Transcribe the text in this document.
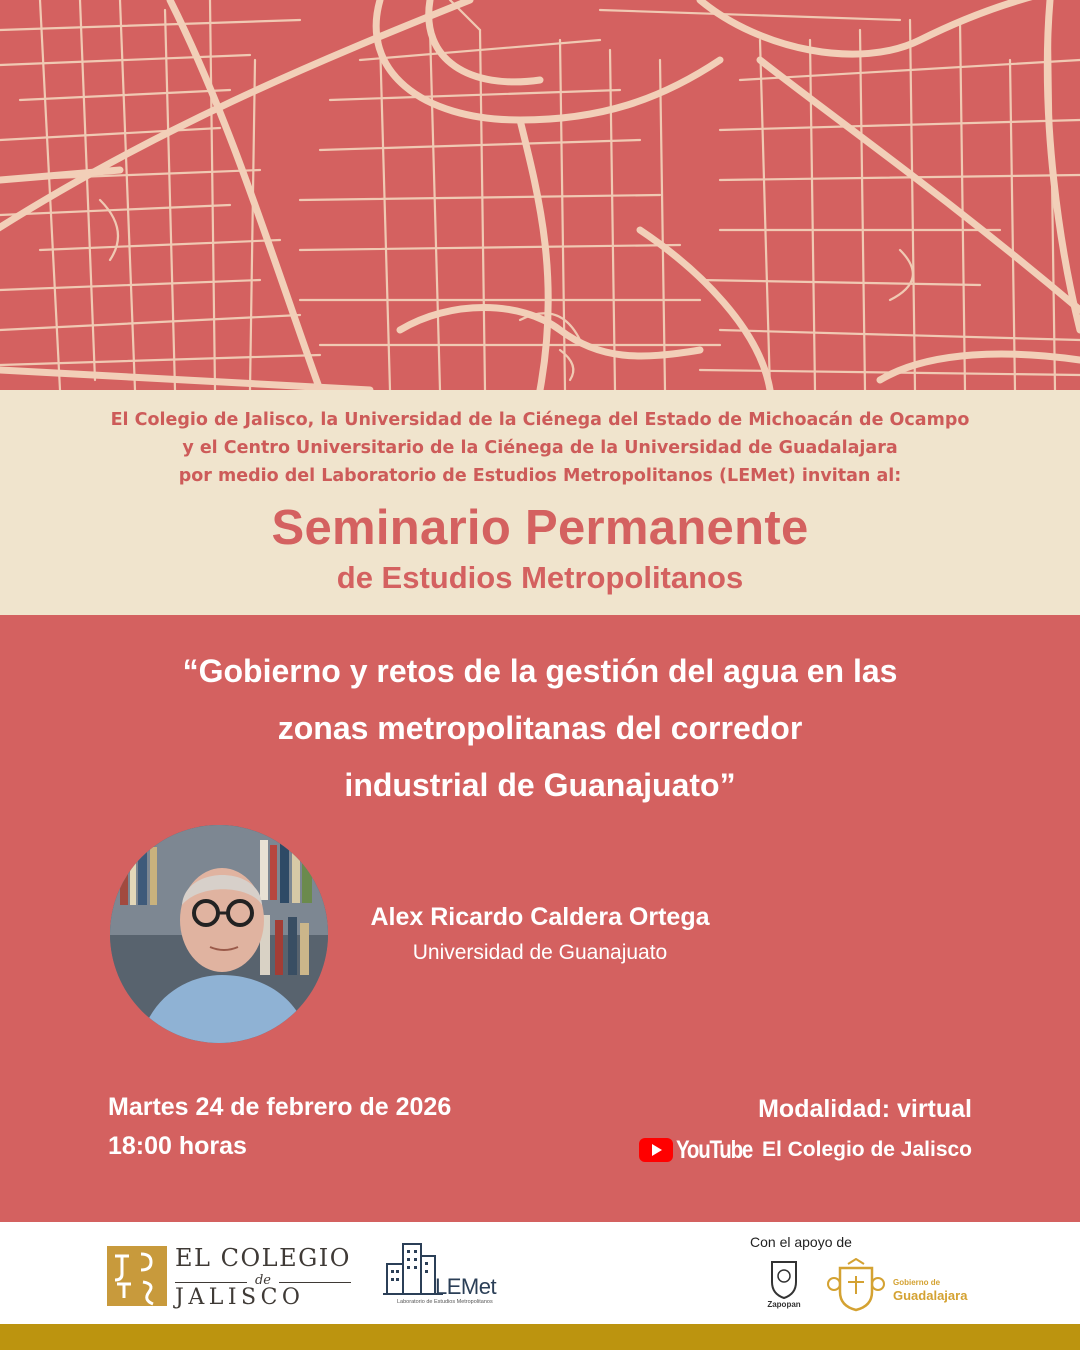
El Colegio de Jalisco, la Universidad de la Ciénega del Estado de Michoacán de Ocampo
y el Centro Universitario de la Ciénega de la Universidad de Guadalajara
por medio del Laboratorio de Estudios Metropolitanos (LEMet) invitan al:
Seminario Permanente
de Estudios Metropolitanos
“Gobierno y retos de la gestión del agua en las
zonas metropolitanas del corredor
industrial de Guanajuato”
Alex Ricardo Caldera Ortega
Universidad de Guanajuato
Martes 24 de febrero de 2026
18:00 horas
Modalidad: virtual
YouTube El Colegio de Jalisco
EL COLEGIO
de
JALISCO	LEMet
Laboratorio de Estudios Metropolitanos
Con el apoyo de
Zapopan
Gobierno de
Guadalajara
